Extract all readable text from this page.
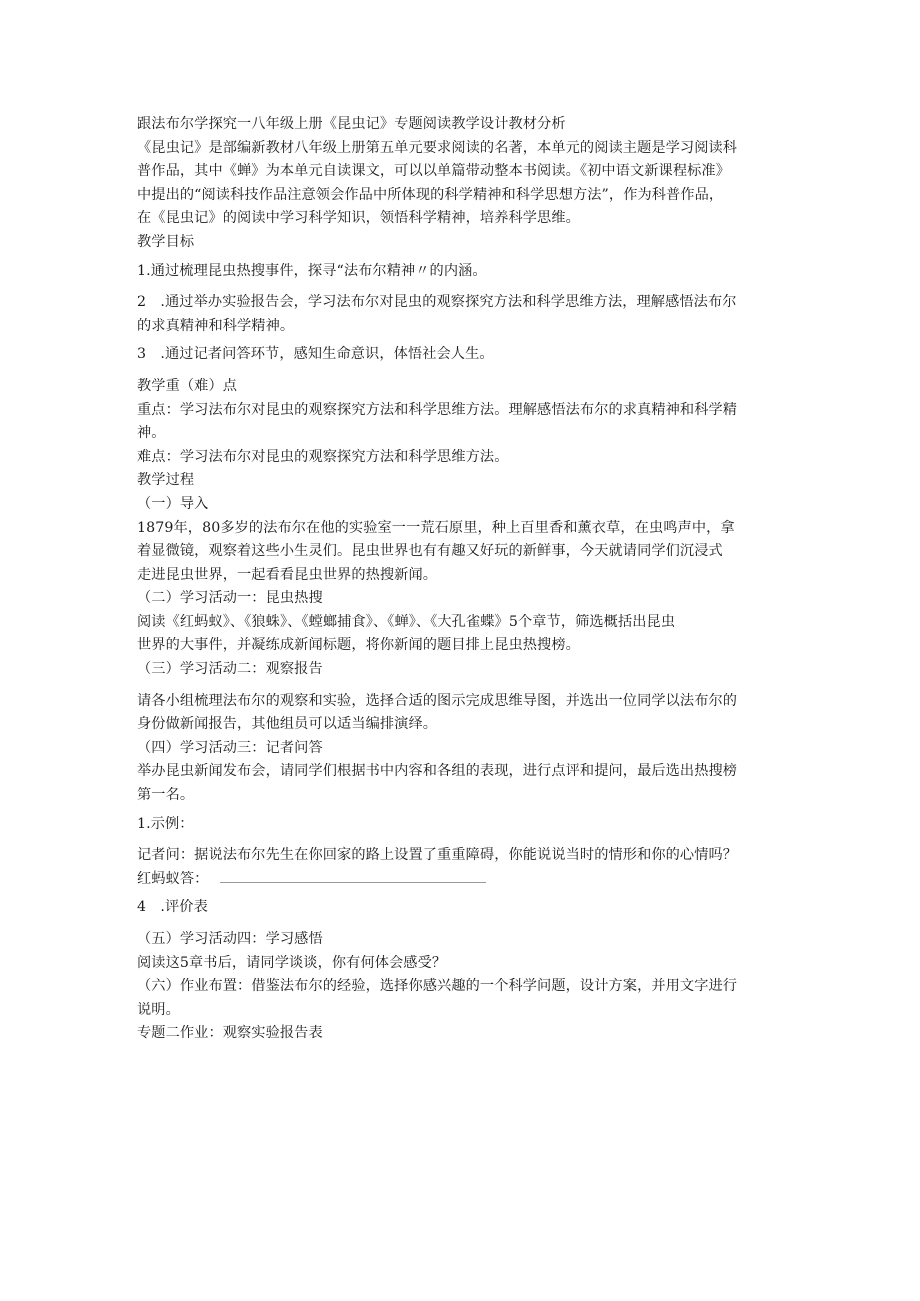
跟法布尔学探究一八年级上册《昆虫记》专题阅读教学设计教材分析

《昆虫记》是部编新教材八年级上册第五单元要求阅读的名著，本单元的阅读主题是学习阅读科

普作品，其中《蝉》为本单元自读课文，可以以单篇带动整本书阅读。《初中语文新课程标准》

中提出的“阅读科技作品注意领会作品中所体现的科学精神和科学思想方法”，作为科普作品，

在《昆虫记》的阅读中学习科学知识，领悟科学精神，培养科学思维。

教学目标

1.通过梳理昆虫热搜事件，探寻“法布尔精神〃的内涵。

2　.通过举办实验报告会，学习法布尔对昆虫的观察探究方法和科学思维方法，理解感悟法布尔

的求真精神和科学精神。

3　.通过记者问答环节，感知生命意识，体悟社会人生。

教学重（难）点

重点：学习法布尔对昆虫的观察探究方法和科学思维方法。理解感悟法布尔的求真精神和科学精

神。

难点：学习法布尔对昆虫的观察探究方法和科学思维方法。

教学过程

（一）导入

1879年，80多岁的法布尔在他的实验室一一荒石原里，种上百里香和薰衣草，在虫鸣声中，拿

着显微镜，观察着这些小生灵们。昆虫世界也有有趣又好玩的新鲜事，今天就请同学们沉浸式

走进昆虫世界，一起看看昆虫世界的热搜新闻。

（二）学习活动一：昆虫热搜

阅读《红蚂蚁》、《狼蛛》、《螳螂捕食》、《蝉》、《大孔雀蝶》5个章节，筛选概括出昆虫

世界的大事件，并凝练成新闻标题，将你新闻的题目排上昆虫热搜榜。

（三）学习活动二：观察报告

请各小组梳理法布尔的观察和实验，选择合适的图示完成思维导图，并选出一位同学以法布尔的

身份做新闻报告，其他组员可以适当编排演绎。

（四）学习活动三：记者问答

举办昆虫新闻发布会，请同学们根据书中内容和各组的表现，进行点评和提问，最后选出热搜榜

第一名。

1.示例：

记者问：据说法布尔先生在你回家的路上设置了重重障碍，你能说说当时的情形和你的心情吗？

红蚂蚁答：

4　.评价表

（五）学习活动四：学习感悟

阅读这5章书后，请同学谈谈，你有何体会感受？

（六）作业布置：借鉴法布尔的经验，选择你感兴趣的一个科学问题，设计方案，并用文字进行

说明。

专题二作业：观察实验报告表
